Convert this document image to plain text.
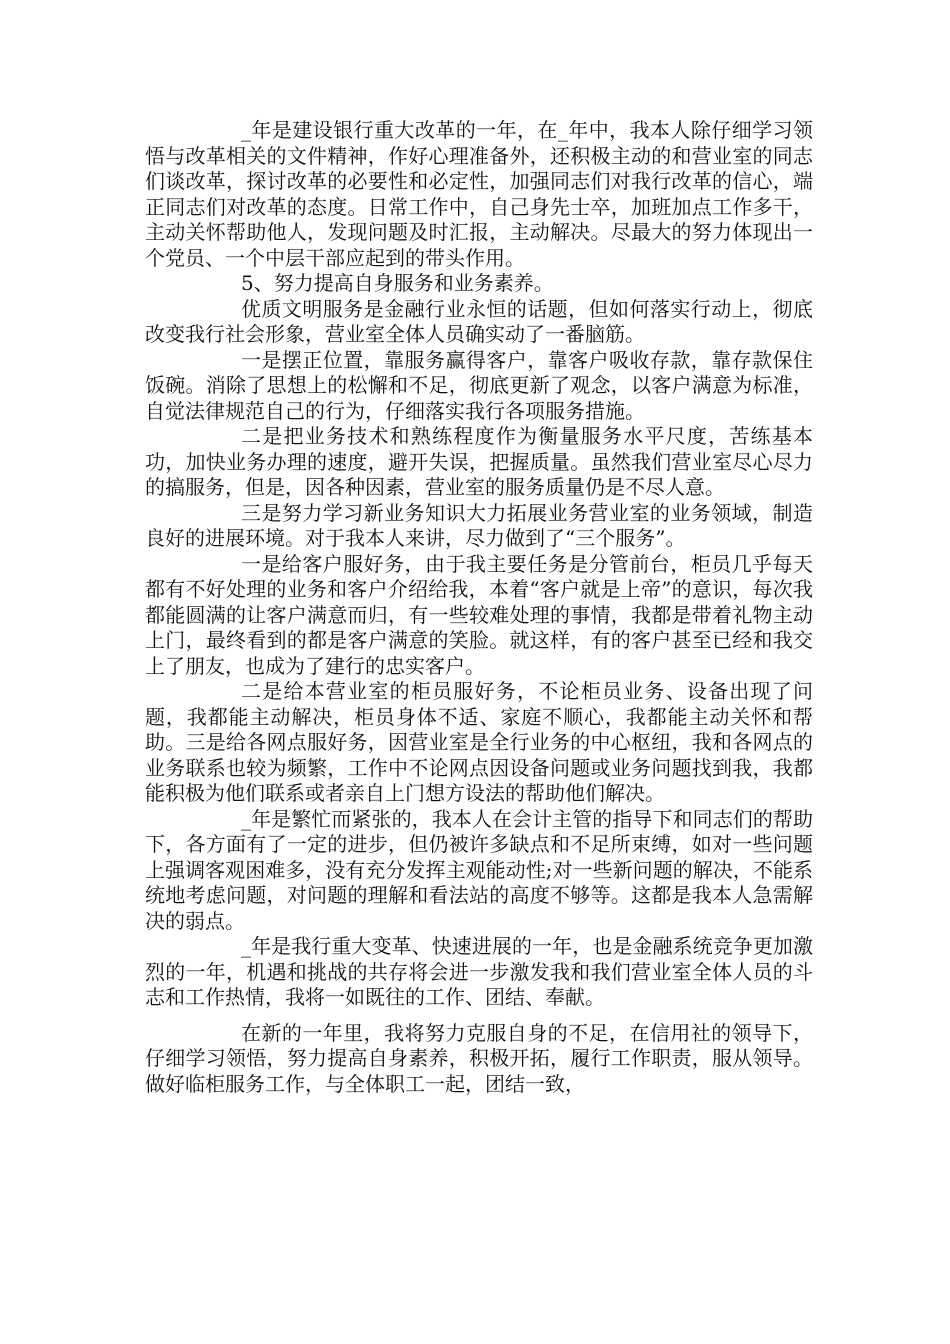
_年是建设银行重大改革的一年，在_年中，我本人除仔细学习领悟与改革相关的文件精神，作好心理准备外，还积极主动的和营业室的同志们谈改革，探讨改革的必要性和必定性，加强同志们对我行改革的信心，端正同志们对改革的态度。日常工作中，自己身先士卒，加班加点工作多干，主动关怀帮助他人，发现问题及时汇报，主动解决。尽最大的努力体现出一个党员、一个中层干部应起到的带头作用。

5、努力提高自身服务和业务素养。

优质文明服务是金融行业永恒的话题，但如何落实行动上，彻底改变我行社会形象，营业室全体人员确实动了一番脑筋。

一是摆正位置，靠服务赢得客户，靠客户吸收存款，靠存款保住饭碗。消除了思想上的松懈和不足，彻底更新了观念，以客户满意为标准，自觉法律规范自己的行为，仔细落实我行各项服务措施。

二是把业务技术和熟练程度作为衡量服务水平尺度，苦练基本功，加快业务办理的速度，避开失误，把握质量。虽然我们营业室尽心尽力的搞服务，但是，因各种因素，营业室的服务质量仍是不尽人意。

三是努力学习新业务知识大力拓展业务营业室的业务领域，制造良好的进展环境。对于我本人来讲，尽力做到了“三个服务”。

一是给客户服好务，由于我主要任务是分管前台，柜员几乎每天都有不好处理的业务和客户介绍给我，本着“客户就是上帝”的意识，每次我都能圆满的让客户满意而归，有一些较难处理的事情，我都是带着礼物主动上门，最终看到的都是客户满意的笑脸。就这样，有的客户甚至已经和我交上了朋友，也成为了建行的忠实客户。

二是给本营业室的柜员服好务，不论柜员业务、设备出现了问题，我都能主动解决，柜员身体不适、家庭不顺心，我都能主动关怀和帮助。三是给各网点服好务，因营业室是全行业务的中心枢纽，我和各网点的业务联系也较为频繁，工作中不论网点因设备问题或业务问题找到我，我都能积极为他们联系或者亲自上门想方设法的帮助他们解决。

_年是繁忙而紧张的，我本人在会计主管的指导下和同志们的帮助下，各方面有了一定的进步，但仍被许多缺点和不足所束缚，如对一些问题上强调客观困难多，没有充分发挥主观能动性;对一些新问题的解决，不能系统地考虑问题，对问题的理解和看法站的高度不够等。这都是我本人急需解决的弱点。

_年是我行重大变革、快速进展的一年，也是金融系统竞争更加激烈的一年，机遇和挑战的共存将会进一步激发我和我们营业室全体人员的斗志和工作热情，我将一如既往的工作、团结、奉献。

在新的一年里，我将努力克服自身的不足，在信用社的领导下，仔细学习领悟，努力提高自身素养，积极开拓，履行工作职责，服从领导。做好临柜服务工作，与全体职工一起，团结一致，
